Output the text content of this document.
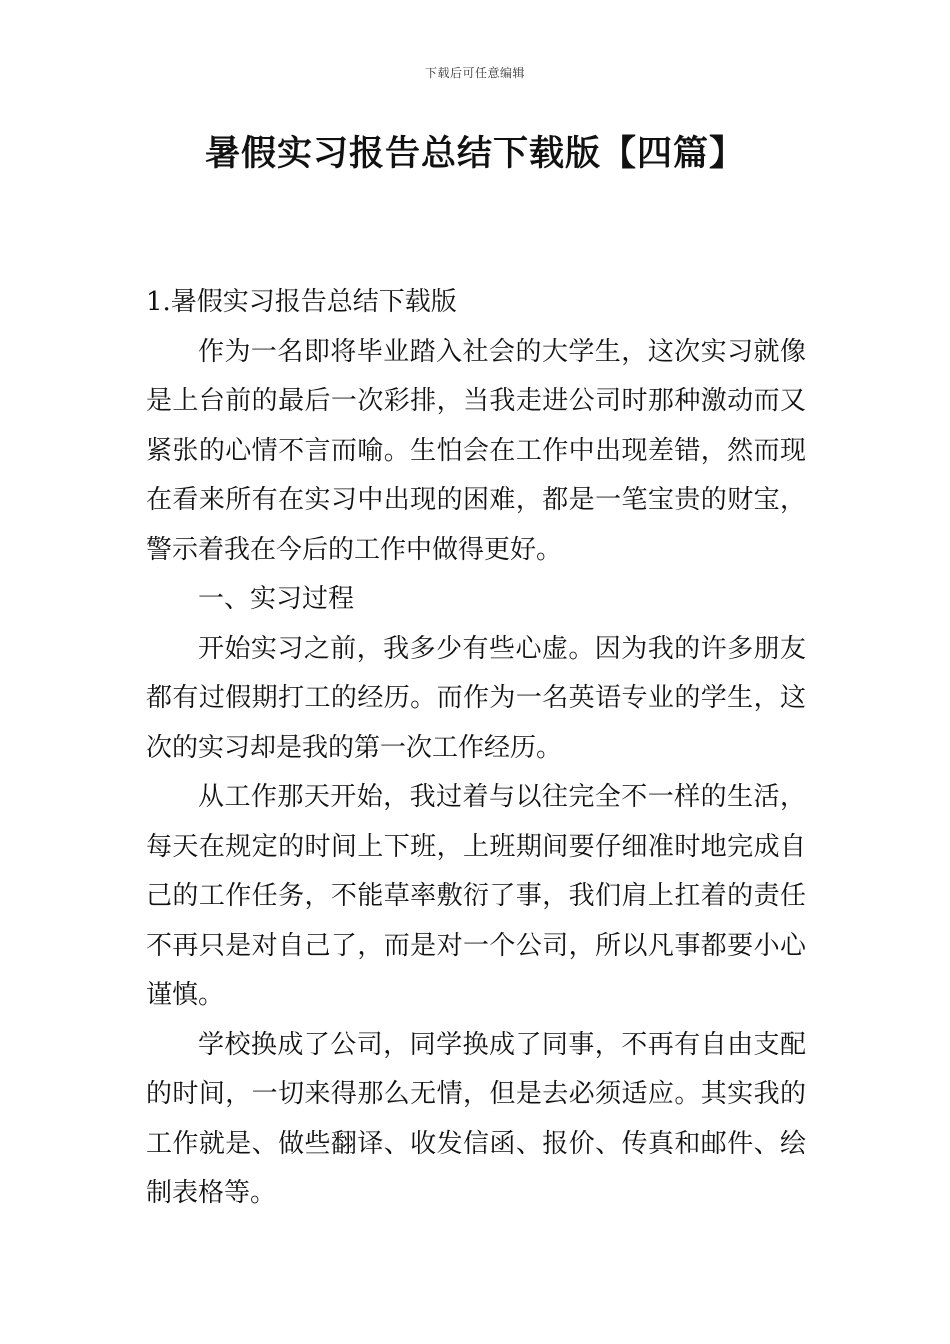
下载后可任意编辑
暑假实习报告总结下载版【四篇】

1.暑假实习报告总结下载版

作为一名即将毕业踏入社会的大学生，这次实习就像是上台前的最后一次彩排，当我走进公司时那种激动而又紧张的心情不言而喻。生怕会在工作中出现差错，然而现在看来所有在实习中出现的困难，都是一笔宝贵的财宝，警示着我在今后的工作中做得更好。

一、实习过程

开始实习之前，我多少有些心虚。因为我的许多朋友都有过假期打工的经历。而作为一名英语专业的学生，这次的实习却是我的第一次工作经历。

从工作那天开始，我过着与以往完全不一样的生活，每天在规定的时间上下班，上班期间要仔细准时地完成自己的工作任务，不能草率敷衍了事，我们肩上扛着的责任不再只是对自己了，而是对一个公司，所以凡事都要小心谨慎。

学校换成了公司，同学换成了同事，不再有自由支配的时间，一切来得那么无情，但是去必须适应。其实我的工作就是、做些翻译、收发信函、报价、传真和邮件、绘制表格等。
